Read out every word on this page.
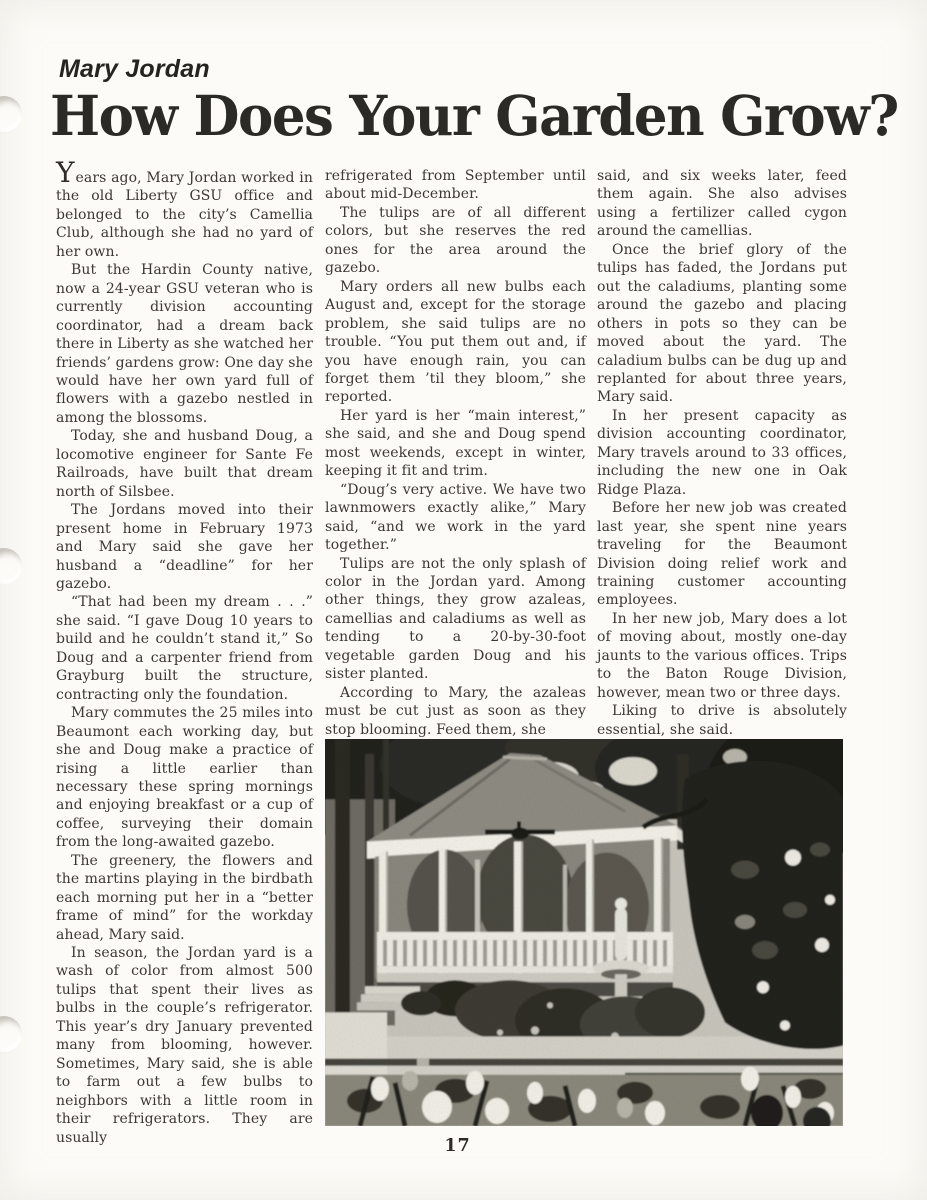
Mary Jordan
How Does Your Garden Grow?

Years ago, Mary Jordan worked in the old Liberty GSU office and belonged to the city’s Camellia Club, although she had no yard of her own.

But the Hardin County native, now a 24-year GSU veteran who is currently division accounting coordinator, had a dream back there in Liberty as she watched her friends’ gardens grow: One day she would have her own yard full of flowers with a gazebo nestled in among the blossoms.

Today, she and husband Doug, a locomotive engineer for Sante Fe Railroads, have built that dream north of Silsbee.

The Jordans moved into their present home in February 1973 and Mary said she gave her husband a “deadline” for her gazebo.

“That had been my dream . . .” she said. “I gave Doug 10 years to build and he couldn’t stand it,” So Doug and a carpenter friend from Grayburg built the structure, contracting only the foundation.

Mary commutes the 25 miles into Beaumont each working day, but she and Doug make a practice of rising a little earlier than necessary these spring mornings and enjoying breakfast or a cup of coffee, surveying their domain from the long-awaited gazebo.

The greenery, the flowers and the martins playing in the birdbath each morning put her in a “better frame of mind” for the workday ahead, Mary said.

In season, the Jordan yard is a wash of color from almost 500 tulips that spent their lives as bulbs in the couple’s refrigerator. This year’s dry January prevented many from blooming, however. Sometimes, Mary said, she is able to farm out a few bulbs to neighbors with a little room in their refrigerators. They are usually

refrigerated from September until about mid-December.

The tulips are of all different colors, but she reserves the red ones for the area around the gazebo.

Mary orders all new bulbs each August and, except for the storage problem, she said tulips are no trouble. “You put them out and, if you have enough rain, you can forget them ’til they bloom,” she reported.

Her yard is her “main interest,” she said, and she and Doug spend most weekends, except in winter, keeping it fit and trim.

“Doug’s very active. We have two lawnmowers exactly alike,” Mary said, “and we work in the yard together.”

Tulips are not the only splash of color in the Jordan yard. Among other things, they grow azaleas, camellias and caladiums as well as tending to a 20-by-30-foot vegetable garden Doug and his sister planted.

According to Mary, the azaleas must be cut just as soon as they stop blooming. Feed them, she

said, and six weeks later, feed them again. She also advises using a fertilizer called cygon around the camellias.

Once the brief glory of the tulips has faded, the Jordans put out the caladiums, planting some around the gazebo and placing others in pots so they can be moved about the yard. The caladium bulbs can be dug up and replanted for about three years, Mary said.

In her present capacity as division accounting coordinator, Mary travels around to 33 offices, including the new one in Oak Ridge Plaza.

Before her new job was created last year, she spent nine years traveling for the Beaumont Division doing relief work and training customer accounting employees.

In her new job, Mary does a lot of moving about, mostly one-day jaunts to the various offices. Trips to the Baton Rouge Division, however, mean two or three days.

Liking to drive is absolutely essential, she said.

17
